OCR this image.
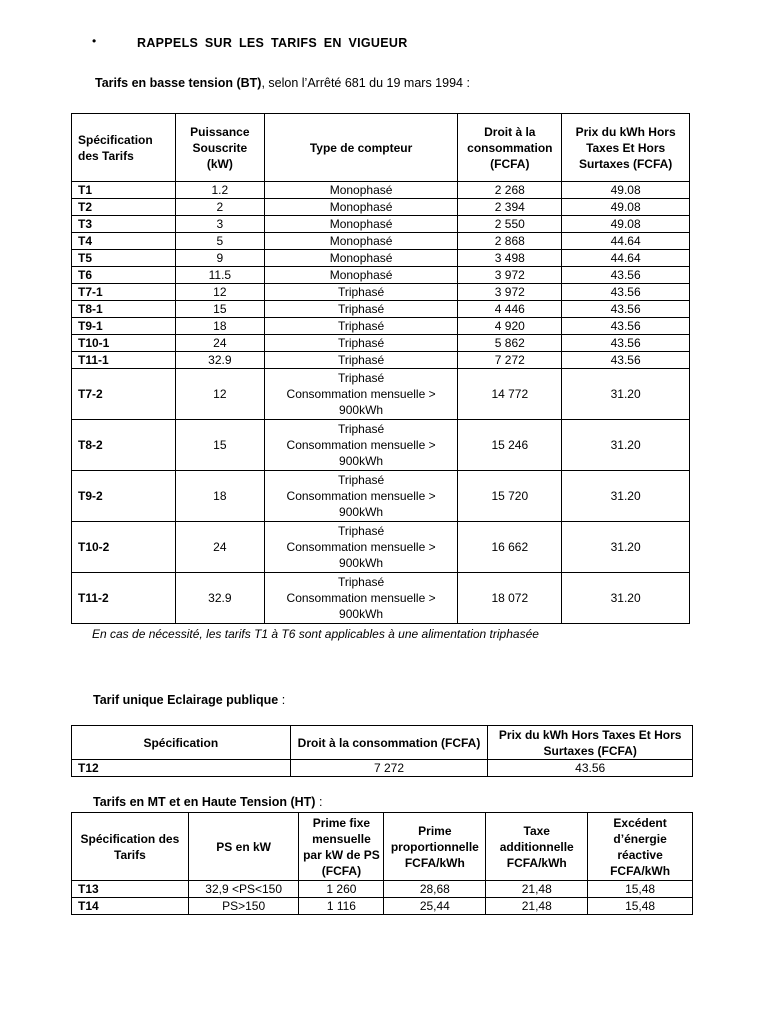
•	RAPPELS SUR LES TARIFS EN VIGUEUR
Tarifs en basse tension (BT), selon l’Arrêté 681 du 19 mars 1994 :
Spécification des Tarifs	Puissance Souscrite (kW)	Type de compteur	Droit à la consommation (FCFA)	Prix du kWh Hors Taxes Et Hors Surtaxes (FCFA)
T1	1.2	Monophasé	2 268	49.08
T2	2	Monophasé	2 394	49.08
T3	3	Monophasé	2 550	49.08
T4	5	Monophasé	2 868	44.64
T5	9	Monophasé	3 498	44.64
T6	11.5	Monophasé	3 972	43.56
T7-1	12	Triphasé	3 972	43.56
T8-1	15	Triphasé	4 446	43.56
T9-1	18	Triphasé	4 920	43.56
T10-1	24	Triphasé	5 862	43.56
T11-1	32.9	Triphasé	7 272	43.56
T7-2	12	Triphasé
Consommation mensuelle >
900kWh	14 772	31.20
T8-2	15	Triphasé
Consommation mensuelle >
900kWh	15 246	31.20
T9-2	18	Triphasé
Consommation mensuelle >
900kWh	15 720	31.20
T10-2	24	Triphasé
Consommation mensuelle >
900kWh	16 662	31.20
T11-2	32.9	Triphasé
Consommation mensuelle >
900kWh	18 072	31.20
En cas de nécessité, les tarifs T1 à T6 sont applicables à une alimentation triphasée
Tarif unique Eclairage publique :
Spécification	Droit à la consommation (FCFA)	Prix du kWh Hors Taxes Et Hors Surtaxes (FCFA)
T12	7 272	43.56
Tarifs en MT et en Haute Tension (HT) :
Spécification des Tarifs	PS en kW	Prime fixe mensuelle par kW de PS (FCFA)	Prime proportionnelle FCFA/kWh	Taxe additionnelle FCFA/kWh	Excédent d’énergie réactive FCFA/kWh
T13	32,9 <PS<150	1 260	28,68	21,48	15,48
T14	PS>150	1 116	25,44	21,48	15,48
